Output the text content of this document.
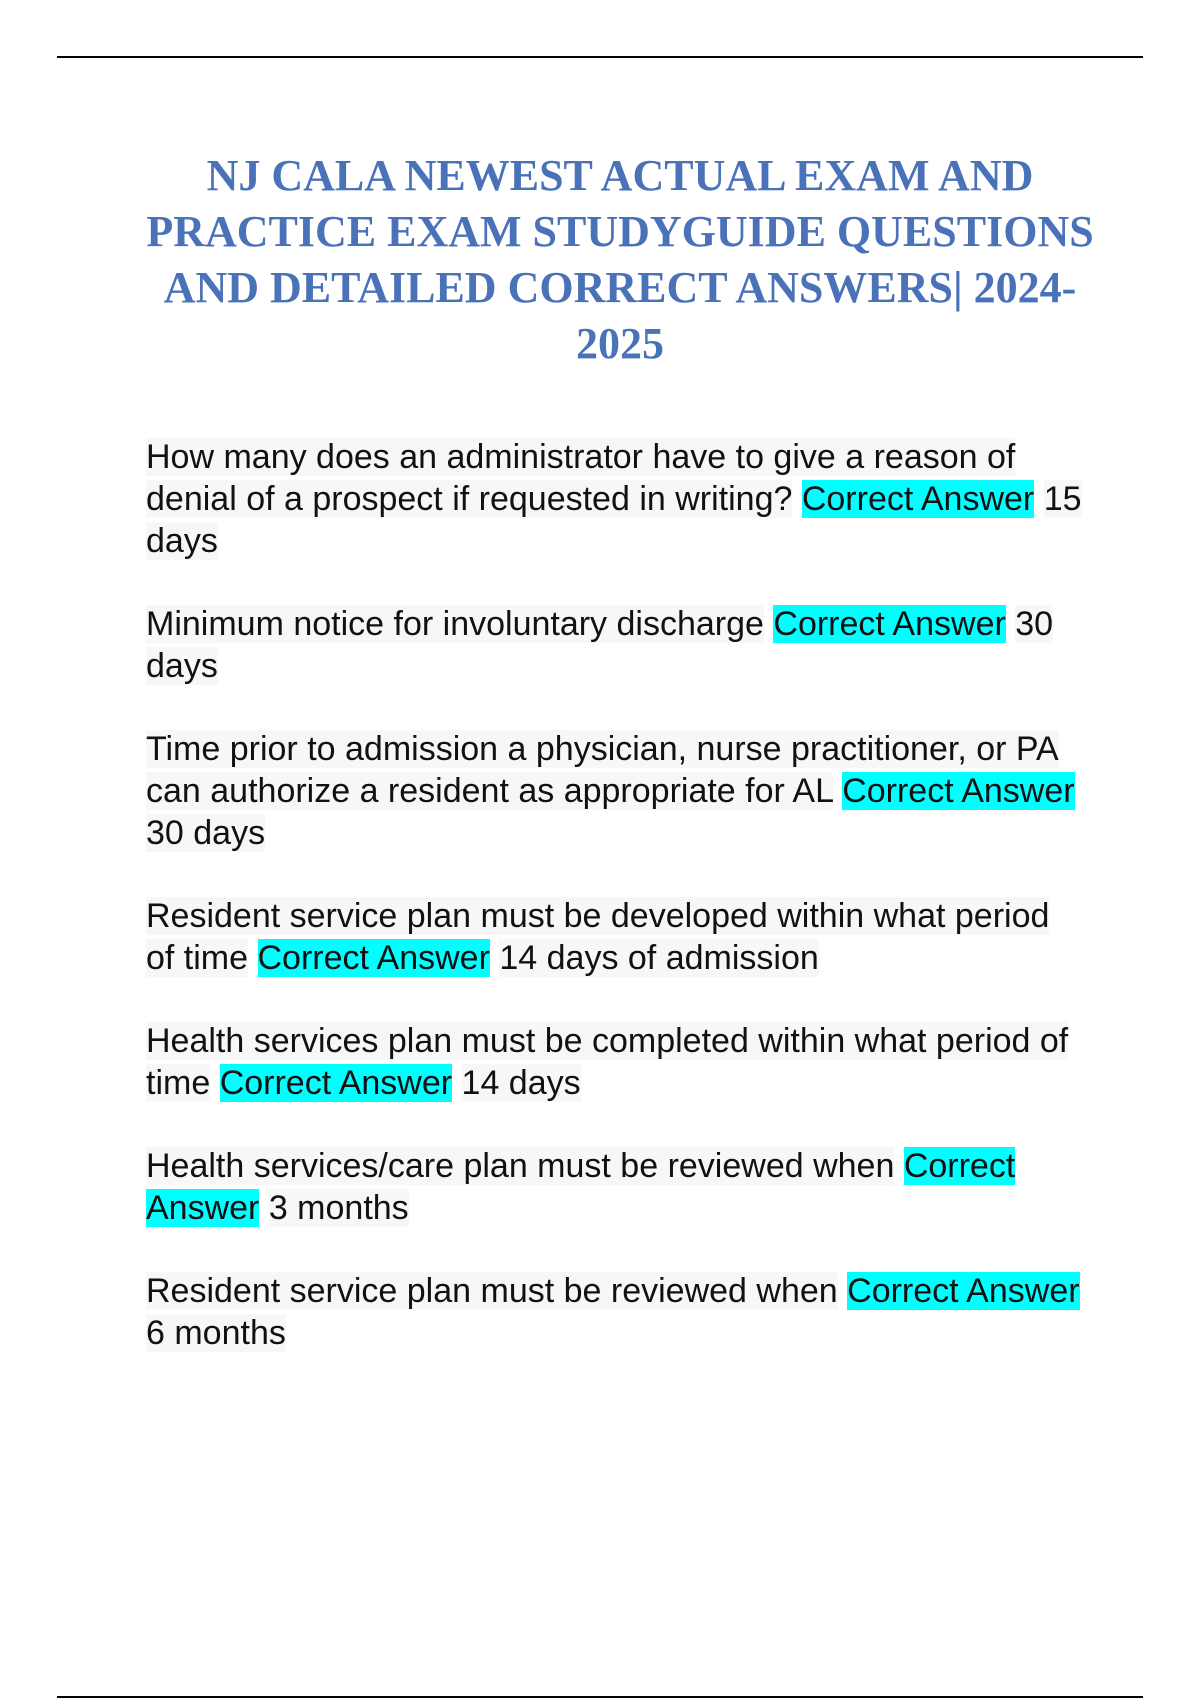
NJ CALA NEWEST ACTUAL EXAM AND PRACTICE EXAM STUDYGUIDE QUESTIONS AND DETAILED CORRECT ANSWERS| 2024-2025

How many does an administrator have to give a reason of denial of a prospect if requested in writing? Correct Answer 15 days

Minimum notice for involuntary discharge Correct Answer 30 days

Time prior to admission a physician, nurse practitioner, or PA can authorize a resident as appropriate for AL Correct Answer 30 days

Resident service plan must be developed within what period of time Correct Answer 14 days of admission

Health services plan must be completed within what period of time Correct Answer 14 days

Health services/care plan must be reviewed when Correct Answer 3 months

Resident service plan must be reviewed when Correct Answer 6 months
